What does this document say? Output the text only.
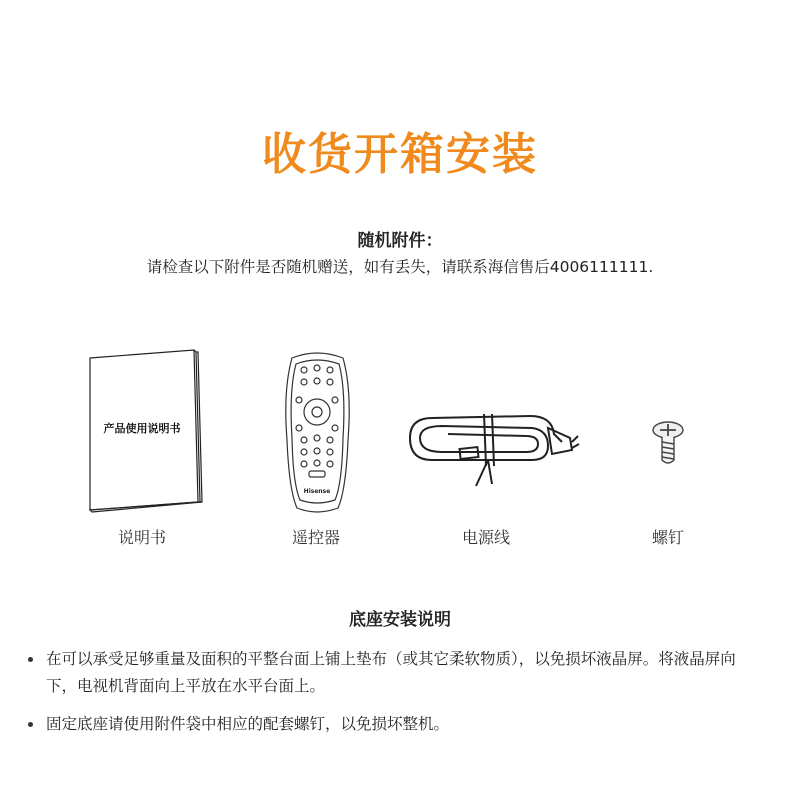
收货开箱安装
随机附件：
请检查以下附件是否随机赠送，如有丢失，请联系海信售后4006111111.
产品使用说明书
Hisense
说明书	遥控器	电源线	螺钉
底座安装说明
在可以承受足够重量及面积的平整台面上铺上垫布（或其它柔软物质），以免损坏液晶屏。将液晶屏向下，电视机背面向上平放在水平台面上。
固定底座请使用附件袋中相应的配套螺钉，以免损坏整机。
